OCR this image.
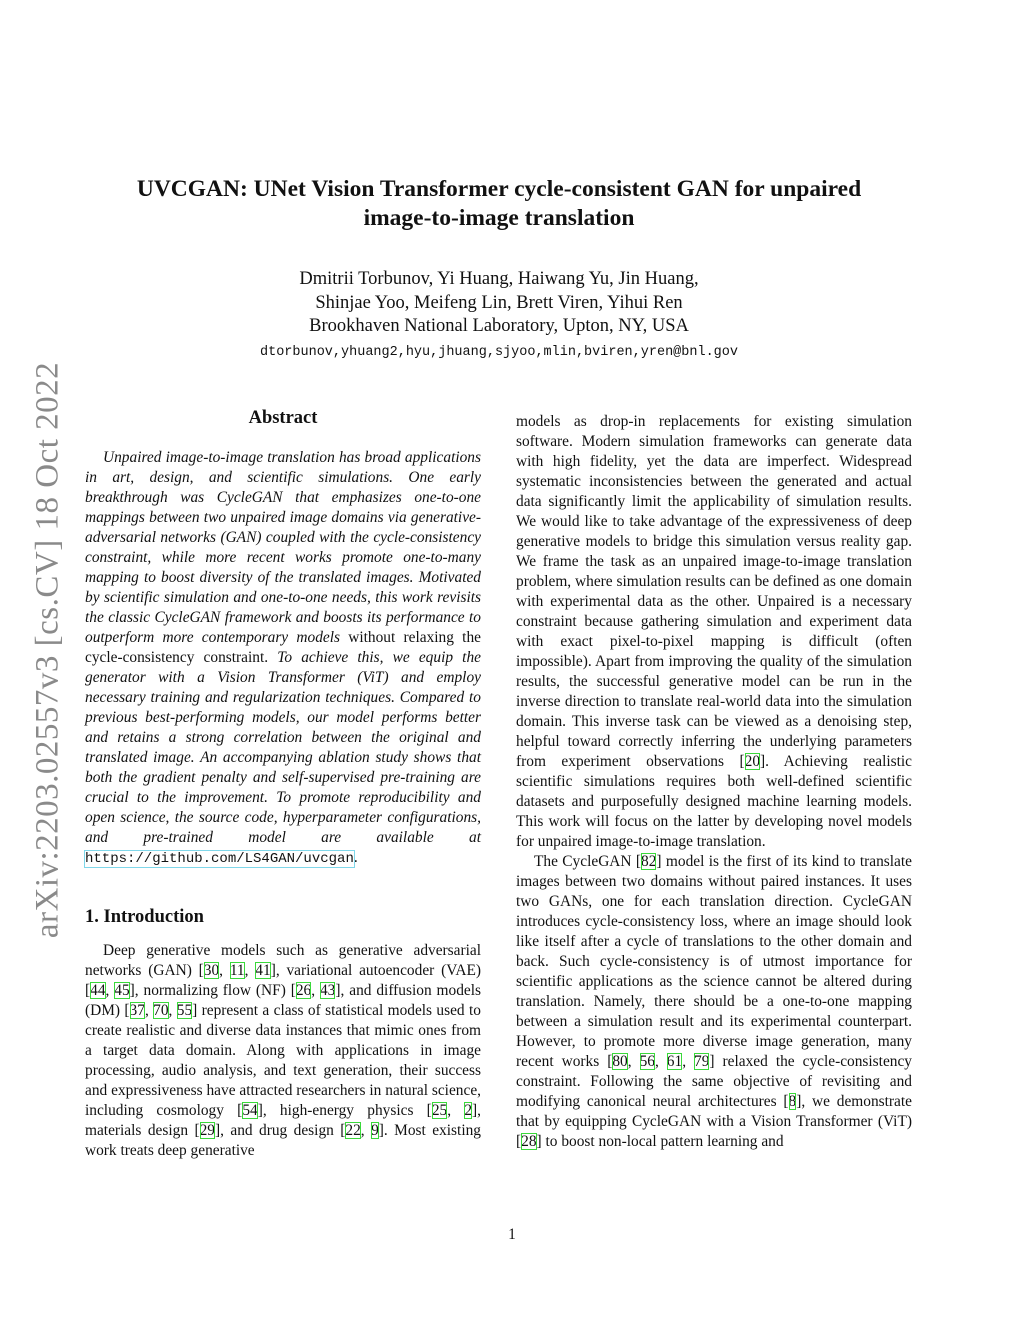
arXiv:2203.02557v3 [cs.CV] 18 Oct 2022
UVCGAN: UNet Vision Transformer cycle-consistent GAN for unpaired
image-to-image translation
Dmitrii Torbunov, Yi Huang, Haiwang Yu, Jin Huang,
Shinjae Yoo, Meifeng Lin, Brett Viren, Yihui Ren
Brookhaven National Laboratory, Upton, NY, USA
dtorbunov,yhuang2,hyu,jhuang,sjyoo,mlin,bviren,yren@bnl.gov
Abstract

Unpaired image-to-image translation has broad applications in art, design, and scientific simulations. One early breakthrough was CycleGAN that emphasizes one-to-one mappings between two unpaired image domains via generative-adversarial networks (GAN) coupled with the cycle-consistency constraint, while more recent works promote one-to-many mapping to boost diversity of the translated images. Motivated by scientific simulation and one-to-one needs, this work revisits the classic CycleGAN framework and boosts its performance to outperform more contemporary models without relaxing the cycle-consistency constraint. To achieve this, we equip the generator with a Vision Transformer (ViT) and employ necessary training and regularization techniques. Compared to previous best-performing models, our model performs better and retains a strong correlation between the original and translated image. An accompanying ablation study shows that both the gradient penalty and self-supervised pre-training are crucial to the improvement. To promote reproducibility and open science, the source code, hyperparameter configurations, and pre-trained model are available at https://github.com/LS4GAN/uvcgan.

1. Introduction

Deep generative models such as generative adversarial networks (GAN) [30, 11, 41], variational autoencoder (VAE) [44, 45], normalizing flow (NF) [26, 43], and diffusion models (DM) [37, 70, 55] represent a class of statistical models used to create realistic and diverse data instances that mimic ones from a target data domain. Along with applications in image processing, audio analysis, and text generation, their success and expressiveness have attracted researchers in natural science, including cosmology [54], high-energy physics [25, 2], materials design [29], and drug design [22, 9]. Most existing work treats deep generative

models as drop-in replacements for existing simulation software. Modern simulation frameworks can generate data with high fidelity, yet the data are imperfect. Widespread systematic inconsistencies between the generated and actual data significantly limit the applicability of simulation results. We would like to take advantage of the expressiveness of deep generative models to bridge this simulation versus reality gap. We frame the task as an unpaired image-to-image translation problem, where simulation results can be defined as one domain with experimental data as the other. Unpaired is a necessary constraint because gathering simulation and experiment data with exact pixel-to-pixel mapping is difficult (often impossible). Apart from improving the quality of the simulation results, the successful generative model can be run in the inverse direction to translate real-world data into the simulation domain. This inverse task can be viewed as a denoising step, helpful toward correctly inferring the underlying parameters from experiment observations [20]. Achieving realistic scientific simulations requires both well-defined scientific datasets and purposefully designed machine learning models. This work will focus on the latter by developing novel models for unpaired image-to-image translation.

The CycleGAN [82] model is the first of its kind to translate images between two domains without paired instances. It uses two GANs, one for each translation direction. CycleGAN introduces cycle-consistency loss, where an image should look like itself after a cycle of translations to the other domain and back. Such cycle-consistency is of utmost importance for scientific applications as the science cannot be altered during translation. Namely, there should be a one-to-one mapping between a simulation result and its experimental counterpart. However, to promote more diverse image generation, many recent works [80, 56, 61, 79] relaxed the cycle-consistency constraint. Following the same objective of revisiting and modifying canonical neural architectures [8], we demonstrate that by equipping CycleGAN with a Vision Transformer (ViT) [28] to boost non-local pattern learning and

1
